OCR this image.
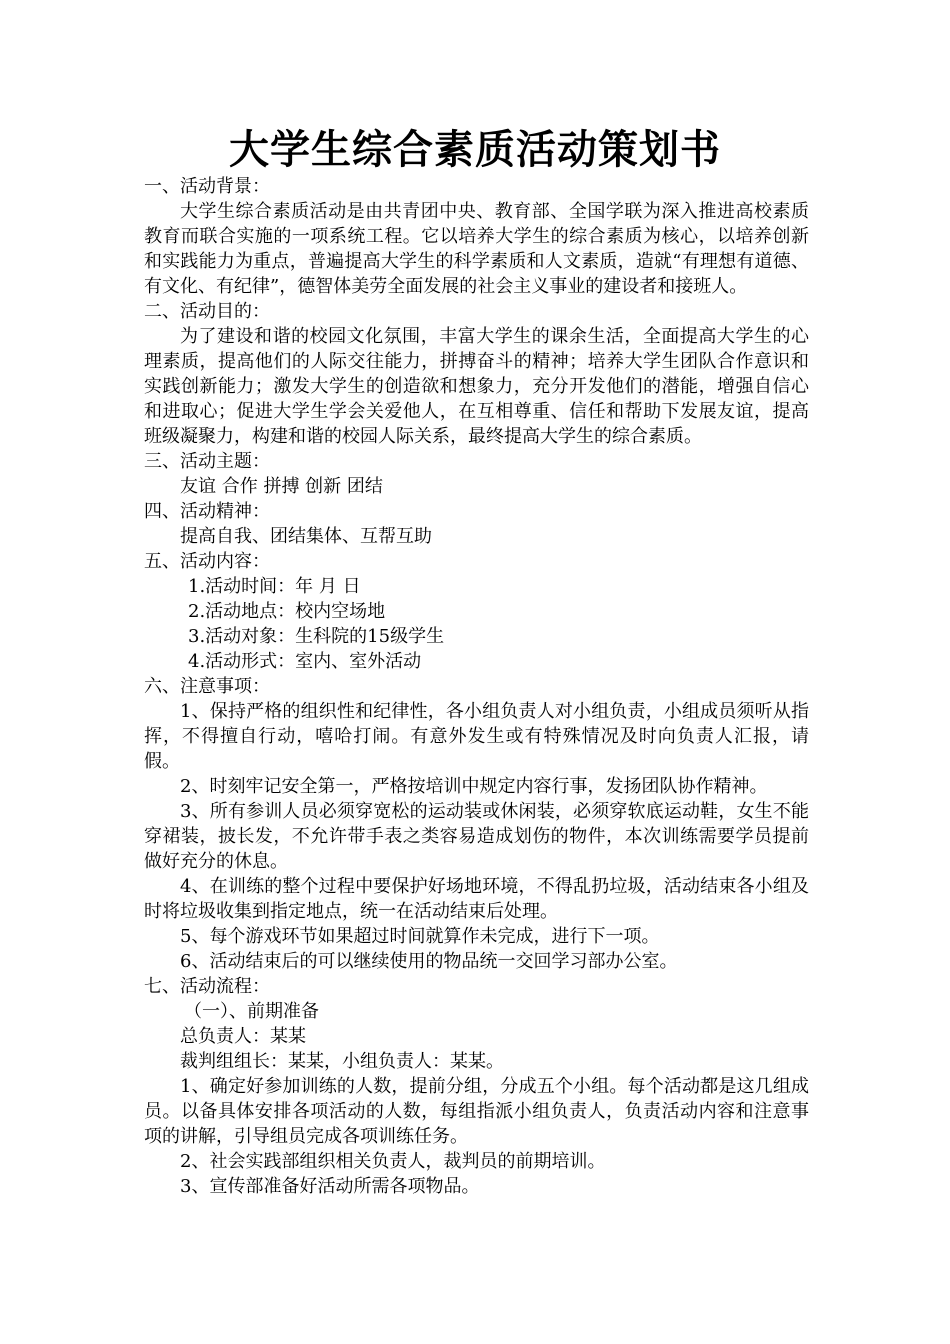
大学生综合素质活动策划书

一、活动背景：

大学生综合素质活动是由共青团中央、教育部、全国学联为深入推进高校素质教育而联合实施的一项系统工程。它以培养大学生的综合素质为核心，以培养创新和实践能力为重点，普遍提高大学生的科学素质和人文素质，造就“有理想有道德、有文化、有纪律”，德智体美劳全面发展的社会主义事业的建设者和接班人。

二、活动目的：

为了建设和谐的校园文化氛围，丰富大学生的课余生活，全面提高大学生的心理素质，提高他们的人际交往能力，拼搏奋斗的精神；培养大学生团队合作意识和实践创新能力；激发大学生的创造欲和想象力，充分开发他们的潜能，增强自信心和进取心；促进大学生学会关爱他人，在互相尊重、信任和帮助下发展友谊，提高班级凝聚力，构建和谐的校园人际关系，最终提高大学生的综合素质。

三、活动主题：

友谊 合作 拼搏 创新 团结

四、活动精神：

提高自我、团结集体、互帮互助

五、活动内容：

1.活动时间：年 月 日

2.活动地点：校内空场地

3.活动对象：生科院的15级学生

4.活动形式：室内、室外活动

六、注意事项：

1、保持严格的组织性和纪律性，各小组负责人对小组负责，小组成员须听从指挥，不得擅自行动，嘻哈打闹。有意外发生或有特殊情况及时向负责人汇报，请假。

2、时刻牢记安全第一，严格按培训中规定内容行事，发扬团队协作精神。

3、所有参训人员必须穿宽松的运动装或休闲装，必须穿软底运动鞋，女生不能穿裙装，披长发，不允许带手表之类容易造成划伤的物件，本次训练需要学员提前做好充分的休息。

4、在训练的整个过程中要保护好场地环境，不得乱扔垃圾，活动结束各小组及时将垃圾收集到指定地点，统一在活动结束后处理。

5、每个游戏环节如果超过时间就算作未完成，进行下一项。

6、活动结束后的可以继续使用的物品统一交回学习部办公室。

七、活动流程：

（一）、前期准备

总负责人：某某

裁判组组长：某某，小组负责人：某某。

1、确定好参加训练的人数，提前分组，分成五个小组。每个活动都是这几组成员。以备具体安排各项活动的人数，每组指派小组负责人，负责活动内容和注意事项的讲解，引导组员完成各项训练任务。

2、社会实践部组织相关负责人，裁判员的前期培训。

3、宣传部准备好活动所需各项物品。
